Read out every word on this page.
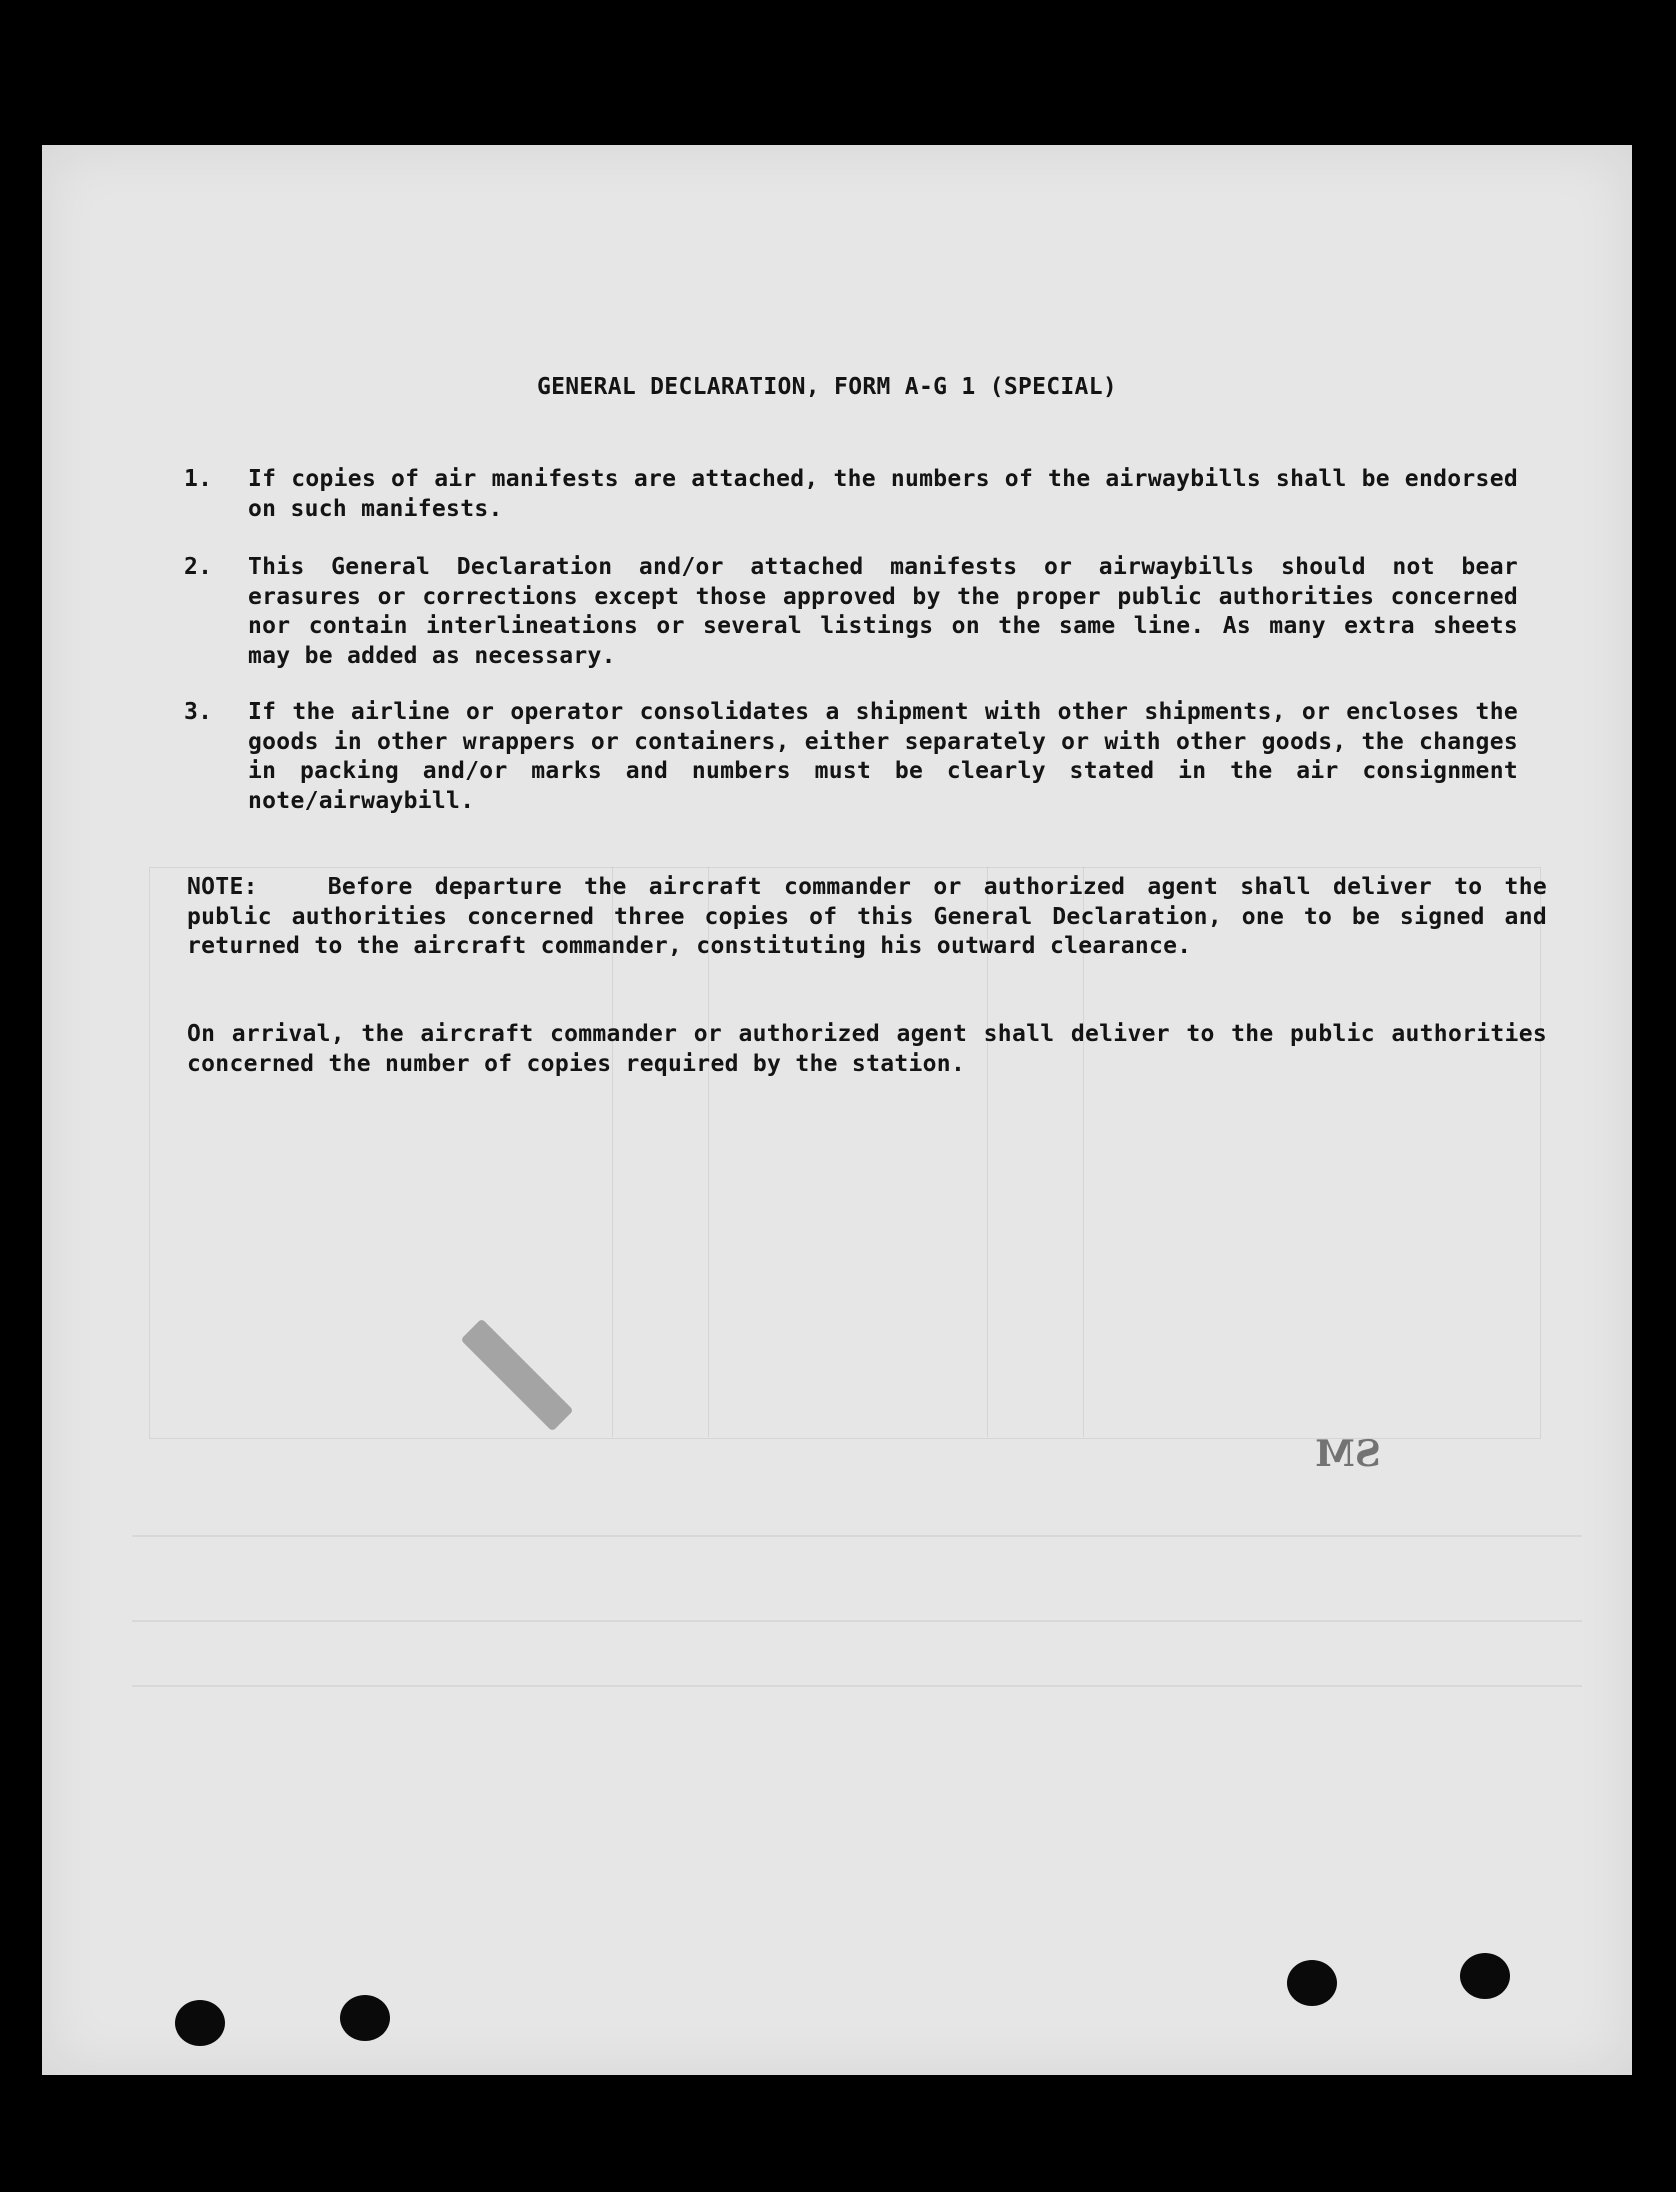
GENERAL DECLARATION, FORM A-G 1 (SPECIAL)
1.	If copies of air manifests are attached, the numbers of the airwaybills shall be endorsed on such manifests.
2.	This General Declaration and/or attached manifests or airwaybills should not bear erasures or corrections except those approved by the proper public authorities concerned nor contain interlineations or several listings on the same line. As many extra sheets may be added as necessary.
3.	If the airline or operator consolidates a shipment with other shipments, or encloses the goods in other wrappers or containers, either separately or with other goods, the changes in packing and/or marks and numbers must be clearly stated in the air consignment note/airwaybill.
NOTE:	Before departure the aircraft commander or authorized agent shall deliver to the public authorities concerned three copies of this General Declaration, one to be signed and returned to the aircraft commander, constituting his outward clearance.
On arrival, the aircraft commander or authorized agent shall deliver to the public authorities concerned the number of copies required by the station.
SM
